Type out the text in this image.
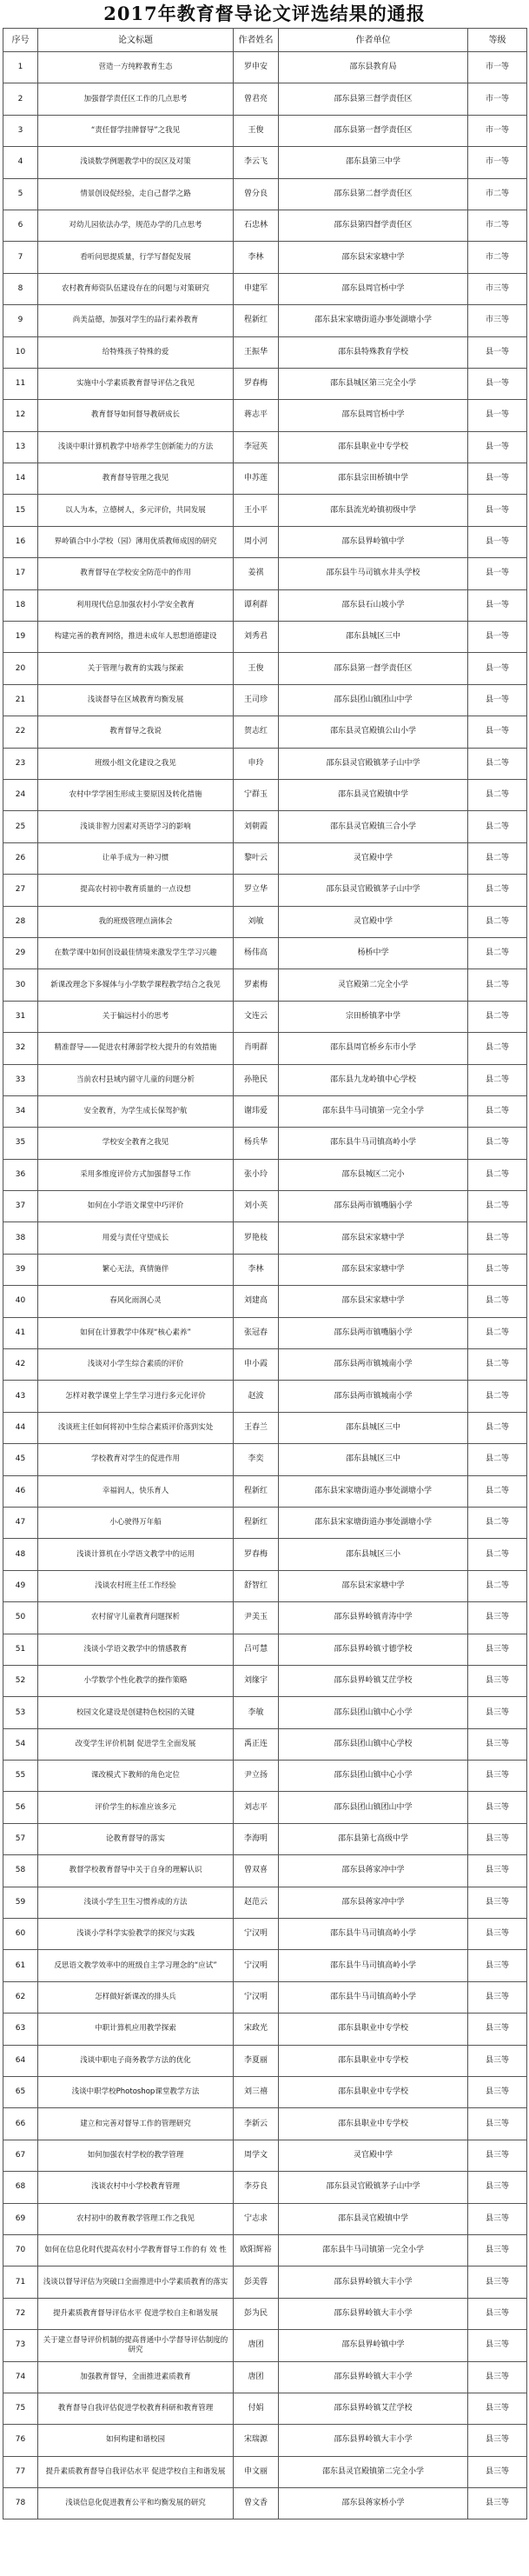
2017年教育督导论文评选结果的通报
序号	论文标题	作者姓名	作者单位	等级
1	营造一方纯粹教育生态	罗申安	邵东县教育局	市一等
2	加强督学责任区工作的几点思考	曾君亮	邵东县第三督学责任区	市一等
3	“责任督学挂牌督导”之我见	王俊	邵东县第一督学责任区	市一等
4	浅谈数学例题教学中的误区及对策	李云飞	邵东县第三中学	市一等
5	情景创设促经验，走自己督学之路	曾分良	邵东县第二督学责任区	市二等
6	对幼儿园依法办学，规范办学的几点思考	石忠林	邵东县第四督学责任区	市二等
7	看听问思提质量，行学写督促发展	李林	邵东县宋家塘中学	市二等
8	农村教育师资队伍建设存在的问题与对策研究	申建军	邵东县周官桥中学	市三等
9	尚美益德，加强对学生的品行素养教育	程新红	邵东县宋家塘街道办事处湖塘小学	市三等
10	给特殊孩子特殊的爱	王振华	邵东县特殊教育学校	县一等
11	实施中小学素质教育督导评估之我见	罗春梅	邵东县城区第三完全小学	县一等
12	教育督导如何督导教研成长	蒋志平	邵东县周官桥中学	县一等
13	浅谈中职计算机教学中培养学生创新能力的方法	李冠英	邵东县职业中专学校	县一等
14	教育督导管理之我见	申苏莲	邵东县宗田桥镇中学	县一等
15	以人为本，立德树人，多元评价，共同发展	王小平	邵东县流光岭镇初级中学	县一等
16	界岭镇合中小学校（园）薄用优质教师成因的研究	周小河	邵东县界岭镇中学	县一等
17	教育督导在学校安全防范中的作用	姜祺	邵东县牛马司镇水井头学校	县一等
18	利用现代信息加强农村小学安全教育	谭利群	邵东县石山坡小学	县一等
19	构建完善的教育网络，推进未成年人思想道德建设	刘秀君	邵东县城区三中	县一等
20	关于管理与教育的实践与探索	王俊	邵东县第一督学责任区	县一等
21	浅谈督导在区域教育均衡发展	王司珍	邵东县团山镇团山中学	县一等
22	教育督导之我说	贺志红	邵东县灵官殿镇公山小学	县一等
23	班级小组文化建设之我见	申玲	邵东县灵官殿镇茅子山中学	县二等
24	农村中学学困生形成主要原因及转化措施	宁群玉	邵东县灵官殿镇中学	县二等
25	浅谈非智力因素对英语学习的影响	刘朝霞	邵东县灵官殿镇三合小学	县二等
26	让单手成为一种习惯	黎叶云	灵官殿中学	县二等
27	提高农村初中教育质量的一点设想	罗立华	邵东县灵官殿镇茅子山中学	县二等
28	我的班级管理点滴体会	刘敏	灵官殿中学	县二等
29	在数学课中如何创设最佳情境来激发学生学习兴趣	杨伟高	杨桥中学	县二等
30	新课改理念下多媒体与小学数学课程教学结合之我见	罗素梅	灵官殿第二完全小学	县二等
31	关于偏远村小的思考	文连云	宗田桥镇茅中学	县二等
32	精准督导——促进农村薄弱学校大提升的有效措施	肖明群	邵东县周官桥乡东市小学	县二等
33	当前农村县域内留守儿童的问题分析	孙艳民	邵东县九龙岭镇中心学校	县二等
34	安全教育，为学生成长保驾护航	谢玮爱	邵东县牛马司镇第一完全小学	县二等
35	学校安全教育之我见	杨兵华	邵东县牛马司镇高岭小学	县二等
36	采用多维度评价方式加强督导工作	张小玲	邵东县城区二完小	县二等
37	如何在小学语文课堂中巧评价	刘小英	邵东县两市镇嘴脑小学	县二等
38	用爱与责任守望成长	罗艳枝	邵东县宋家塘中学	县二等
39	繁心无法，真情施伴	李林	邵东县宋家塘中学	县二等
40	春风化雨润心灵	刘建高	邵东县宋家塘中学	县二等
41	如何在计算教学中体现“核心素养”	张冠春	邵东县两市镇嘴脑小学	县二等
42	浅谈对小学生综合素质的评价	申小霞	邵东县两市镇城南小学	县二等
43	怎样对教学课堂上学生学习进行多元化评价	赵波	邵东县两市镇城南小学	县二等
44	浅谈班主任如何将初中生综合素质评价落到实处	王春兰	邵东县城区三中	县二等
45	学校教育对学生的促进作用	李奕	邵东县城区三中	县二等
46	幸福润人，快乐育人	程新红	邵东县宋家塘街道办事处湖塘小学	县二等
47	小心驶得万年船	程新红	邵东县宋家塘街道办事处湖塘小学	县二等
48	浅谈计算机在小学语文教学中的运用	罗春梅	邵东县城区三小	县二等
49	浅谈农村班主任工作经验	舒智红	邵东县宋家塘中学	县二等
50	农村留守儿童教育问题探析	尹美玉	邵东县界岭镇青涛中学	县三等
51	浅谈小学语文教学中的情感教育	吕可慧	邵东县界岭镇寸德学校	县三等
52	小学数学个性化教学的操作策略	刘缘宇	邵东县界岭镇艾茳学校	县三等
53	校园文化建设是创建特色校园的关键	李敏	邵东县团山镇中心小学	县三等
54	改变学生评价机制 促进学生全面发展	禹正连	邵东县团山镇中心学校	县三等
55	课改模式下教师的角色定位	尹立扬	邵东县团山镇中心小学	县三等
56	评价学生的标准应该多元	刘志平	邵东县团山镇团山中学	县三等
57	论教育督导的落实	李海明	邵东县第七高级中学	县三等
58	教督学校教育督导中关于自身的理解认识	曾双喜	邵东县蒋家冲中学	县三等
59	浅谈小学生卫生习惯养成的方法	赵范云	邵东县蒋家冲中学	县三等
60	浅谈小学科学实验教学的探究与实践	宁汉明	邵东县牛马司镇高岭小学	县三等
61	反思语文教学效率中的班级自主学习理念的“应试”	宁汉明	邵东县牛马司镇高岭小学	县三等
62	怎样做好新课改的排头兵	宁汉明	邵东县牛马司镇高岭小学	县三等
63	中职计算机应用教学探索	宋政光	邵东县职业中专学校	县三等
64	浅谈中职电子商务教学方法的优化	李夏丽	邵东县职业中专学校	县三等
65	浅谈中职学校Photoshop课堂教学方法	刘三禧	邵东县职业中专学校	县三等
66	建立和完善对督导工作的管理研究	李新云	邵东县职业中专学校	县三等
67	如何加强农村学校的教学管理	周学文	灵官殿中学	县三等
68	浅谈农村中小学校教育管理	李芬良	邵东县灵官殿镇茅子山中学	县三等
69	农村初中的教育教学管理工作之我见	宁志求	邵东县灵官殿镇中学	县三等
70	如何在信息化时代提高农村小学教育督导工作的有 效 性	欧阳辉裕	邵东县牛马司镇第一完全小学	县三等
71	浅谈以督导评估为突破口全面推进中小学素质教育的落实	彭美蓉	邵东县界岭镇大丰小学	县三等
72	提升素质教育督导评估水平 促进学校自主和谐发展	彭为民	邵东县界岭镇大丰小学	县三等
73	关于建立督导评价机制的提高普通中小学督导评估制度的研究	唐团	邵东县界岭镇中学	县三等
74	加强教育督导，全面推进素质教育	唐团	邵东县界岭镇大丰小学	县三等
75	教育督导自我评估促进学校教育科研和教育管理	付娟	邵东县界岭镇艾茳学校	县三等
76	如何构建和谐校园	宋瑞源	邵东县界岭镇大丰小学	县三等
77	提升素质教育督导自我评估水平 促进学校自主和谐发展	申文丽	邵东县灵官殿镇第二完全小学	县三等
78	浅谈信息化促进教育公平和均衡发展的研究	曾文香	邵东县蒋家桥小学	县三等
